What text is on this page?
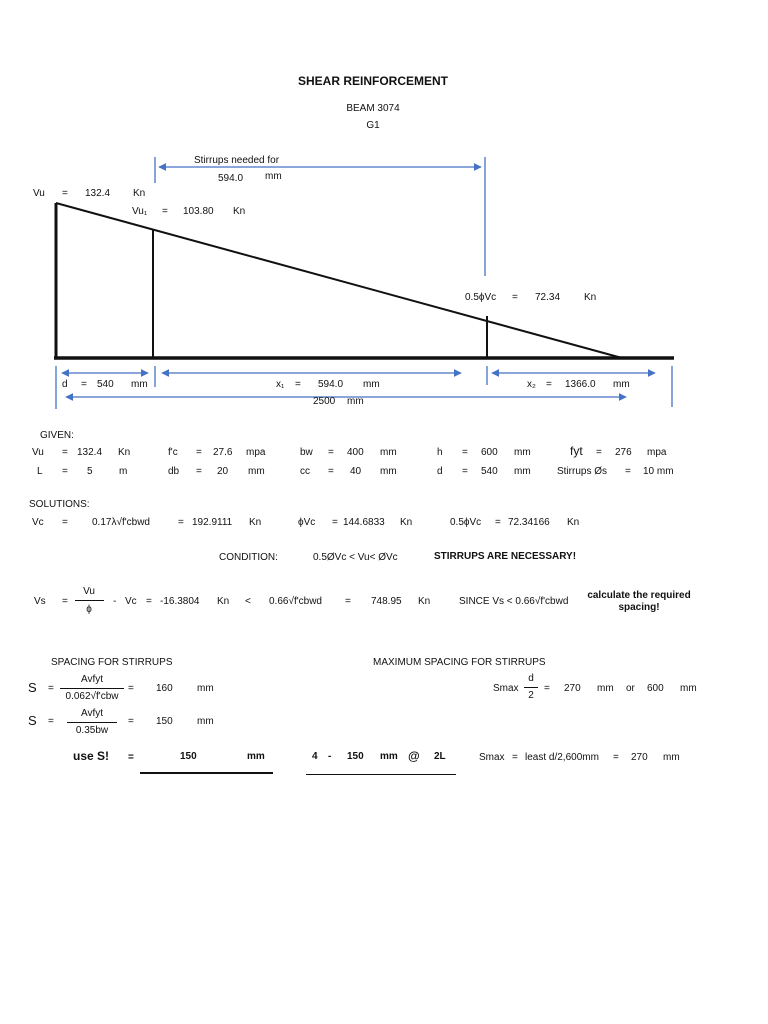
SHEAR REINFORCEMENT
BEAM 3074
G1
Stirrups needed for
594.0 mm
Vu = 132.4 Kn
Vu₁ = 103.80 Kn
0.5ϕVc = 72.34 Kn
d = 540 mm	x₁ = 594.0 mm	x₂ = 1366.0 mm
2500 mm
GIVEN:
Vu = 132.4 Kn	f'c = 27.6 mpa	bw = 400 mm	h = 600 mm	fyt = 276 mpa
L = 5	m	db = 20 mm	cc = 40 mm	d = 540 mm	Stirrups Øs = 10 mm
SOLUTIONS:
Vc = 0.17λ√f'cbwd	= 192.9111 Kn	ϕVc = 144.6833 Kn	0.5ϕVc = 72.34166 Kn
CONDITION:	0.5ØVc < Vu< ØVc	STIRRUPS ARE NECESSARY!
Vs =
Vu
ϕ
- Vc = -16.3804 Kn < 0.66√f'cbwd = 748.95 Kn	SINCE Vs < 0.66√f'cbwd
calculate the required
spacing!
SPACING FOR STIRRUPS
S =
Avfyt
0.062√f'cbw
= 160 mm
S =
Avfyt
0.35bw
= 150 mm
use S! =	150	mm	4 - 150 mm @ 2L
MAXIMUM SPACING FOR STIRRUPS
Smax
d
2
= 270 mm or 600 mm
Smax = least d/2,600mm = 270 mm
